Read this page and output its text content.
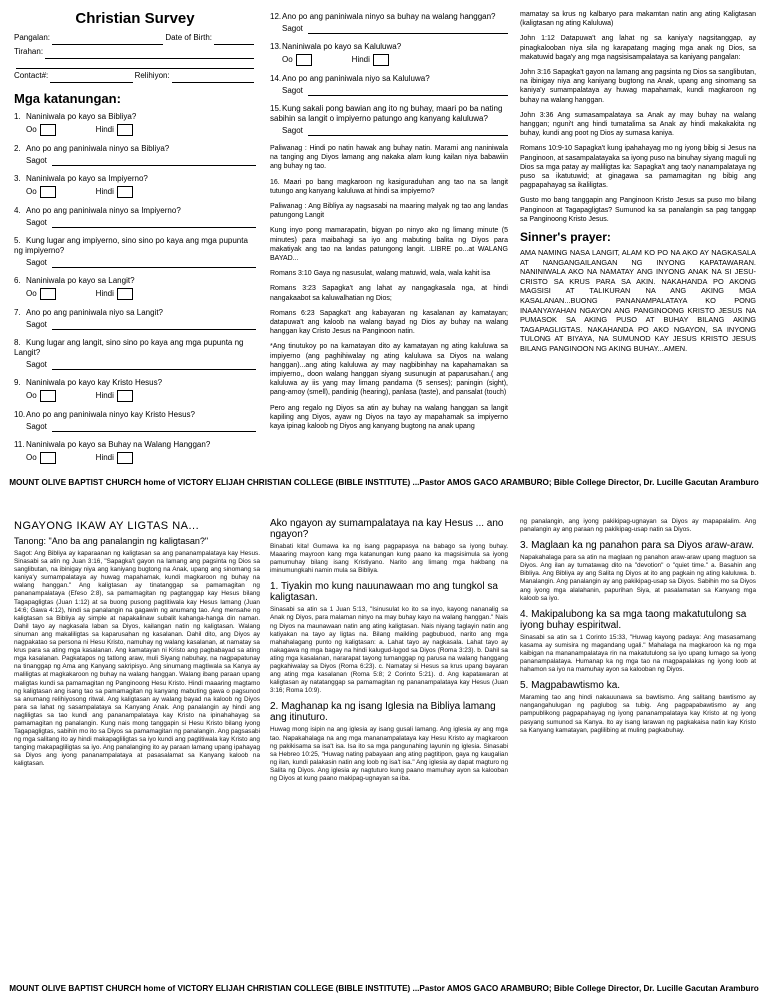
Christian Survey
Pangalan:	Date of Birth:
Tirahan:
Contact#:	Relihiyon:
Mga katanungan:
1. Naniniwala po kayo sa Bibliya?
Oo	Hindi
2. Ano po ang paniniwala ninyo sa Bibliya?
Sagot
3. Naniniwala po kayo sa Impiyerno?
Oo	Hindi
4. Ano po ang paniniwala ninyo sa Impiyerno?
Sagot
5. Kung lugar ang impiyerno, sino sino po kaya ang mga pupunta ng impiyerno?
Sagot
6. Naniniwala po kayo sa Langit?
Oo	Hindi
7. Ano po ang paniniwala niyo sa Langit?
Sagot
8. Kung lugar ang langit, sino sino po kaya ang mga pupunta ng Langit?
Sagot
9. Naniniwala po kayo kay Kristo Hesus?
Oo	Hindi
10.Ano po ang paniniwala ninyo kay Kristo Hesus?
Sagot
11.Naniniwala po kayo sa Buhay na Walang Hanggan?
Oo	Hindi
12.Ano po ang paniniwala ninyo sa buhay na walang hanggan?
Sagot
13.Naniniwala po kayo sa Kaluluwa?
Oo	Hindi
14.Ano po ang paniniwala niyo sa Kaluluwa?
Sagot
15.Kung sakali pong bawian ang ito ng buhay, maari po ba nating sabihin sa langit o impiyerno patungo ang kanyang kaluluwa?
Sagot

Paliwanag : Hindi po natin hawak ang buhay natin. Marami ang naniniwala na tanging ang Diyos lamang ang nakaka alam kung kailan niya babawiin ang buhay ng tao.

16. Maari po bang magkaroon ng kasiguraduhan ang tao na sa langit tutungo ang kanyang kaluluwa at hindi sa impiyerno?

Paliwanag : Ang Bibliya ay nagsasabi na maaring malyak ng tao ang landas patungong Langit

Kung inyo pong mamarapatin, bigyan po ninyo ako ng limang minute (5 minutes) para maibahagi sa iyo ang mabuting balita ng Diyos para makatiyak ang tao na landas patungong langit. .LIBRE po...at WALANG BAYAD...

Romans 3:10 Gaya ng nasusulat, walang matuwid, wala, wala kahit isa

Romans 3:23 Sapagka't ang lahat ay nangagkasala nga, at hindi nangakaabot sa kaluwalhatian ng Dios;

Romans 6:23 Sapagka't ang kabayaran ng kasalanan ay kamatayan; datapuwa't ang kaloob na walang bayad ng Dios ay buhay na walang hanggan kay Cristo Jesus na Panginoon natin.

*Ang tinutukoy po na kamatayan dito ay kamatayan ng ating kaluluwa sa impiyerno (ang paghihiwalay ng ating kaluluwa sa Diyos na walang hanggan)...ang ating kaluluwa ay may nagbibinhay na kapahamakan sa impiyerno,, doon walang hanggan siyang susunugin at paparusahan.( ang kaluluwa ay iis yang may limang pandama (5 senses); paningin (sight), pang-amoy (smell), pandinig (hearing), panlasa (taste), and pansalat (touch)

Pero ang regalo ng Diyos sa atin ay buhay na walang hanggan sa langit kapiling ang Diyos, ayaw ng Diyos na tayo ay mapahamak sa impiyerno kaya ipinag kaloob ng Diyos ang kanyang bugtong na anak upang

mamatay sa krus ng kalbaryo para makamtan natin ang ating Kaligtasan (kaligtasan ng ating Kaluluwa)

John 1:12 Datapuwa't ang lahat ng sa kaniya'y nagsitanggap, ay pinagkalooban niya sila ng karapatang maging mga anak ng Dios, sa makatuwid baga'y ang mga nagsisisampalataya sa kaniyang pangalan:

John 3:16 Sapagka't gayon na lamang ang pagsinta ng Dios sa sanglibutan, na ibinigay niya ang kaniyang bugtong na Anak, upang ang sinomang sa kaniya'y sumampalataya ay huwag mapahamak, kundi magkaroon ng buhay na walang hanggan.

John 3:36 Ang sumasampalataya sa Anak ay may buhay na walang hanggan; nguni't ang hindi tumatalima sa Anak ay hindi makakakita ng buhay, kundi ang poot ng Dios ay sumasa kaniya.

Romans 10:9-10 Sapagka't kung ipahahayag mo ng iyong bibig si Jesus na Panginoon, at sasampalatayaka sa iyong puso na binuhay siyang maguli ng Dios sa mga patay ay maliligtas ka: Sapagka't ang tao'y nanampalataya ng puso sa ikatutuwid; at ginagawa sa pamamagitan ng bibig ang pagpapahayag sa ikaliligtas.

Gusto mo bang tanggapin ang Panginoon Kristo Jesus sa puso mo bilang Panginoon at Tagapagligtas? Sumunod ka sa panalangin sa pag tanggap sa Panginoong Kristo Jesus.

Sinner's prayer:
AMA NAMING NASA LANGIT, ALAM KO PO NA AKO AY NAGKASALA AT NANGANGAILANGAN NG INYONG KAPATAWARAN. NANINIWALA AKO NA NAMATAY ANG INYONG ANAK NA SI JESU-CRISTO SA KRUS PARA SA AKIN. NAKAHANDA PO AKONG MAGSISI AT TALIKURAN NA ANG AKING MGA KASALANAN...BUONG PANANAMPALATAYA KO PONG INAANYAYAHAN NGAYON ANG PANGINOONG KRISTO JESUS NA PUMASOK SA AKING PUSO AT BUHAY BILANG AKING TAGAPAGLIGTAS. NAKAHANDA PO AKO NGAYON, SA INYONG TULONG AT BIYAYA, NA SUMUNOD KAY JESUS KRISTO JESUS BILANG PANGINOON NG AKING BUHAY...AMEN.
MOUNT OLIVE BAPTIST CHURCH home of VICTORY ELIJAH CHRISTIAN COLLEGE (BIBLE INSTITUTE) ...Pastor AMOS GACO ARAMBURO; Bible College Director, Dr. Lucille Gacutan Aramburo
NGAYONG IKAW AY LIGTAS NA...
Tanong: "Ano ba ang panalangin ng kaligtasan?"
Sagot: Ang Bibliya ay kaparaanan ng kaligtasan sa ang pananampalataya kay Hesus. Sinasabi sa atin ng Juan 3:16, "Sapagka't gayon na lamang ang pagsinta ng Dios sa sanglibutan, na ibinigay niya ang kaniyang bugtong na Anak, upang ang sinomang sa kaniya'y sumampalataya ay huwag mapahamak, kundi magkaroon ng buhay na walang hanggan." Ang kaligtasan ay tinatanggap sa pamamagitan ng pananampalataya (Efeso 2:8), sa pamamagitan ng pagtanggap kay Hesus bilang Tagapagligtas (Juan 1:12) at sa buong pusong pagtitiwala kay Hesus lamang (Juan 14:6; Gawa 4:12), hindi sa panalangin na gagawin ng anumang tao. Ang mensahe ng kaligtasan sa Bibliya ay simple at napakalinaw subalit kahanga-hanga din naman. Dahil tayo ay nagkasala laban sa Diyos, kailangan natin ng kaligtasan. Walang sinuman ang makaliligtas sa kaparusahan ng kasalanan. Dahil dito, ang Diyos ay nagpakatao sa persona ni Hesu Kristo, namuhay ng walang kasalanan, at namatay sa krus para sa ating mga kasalanan. Ang kamatayan ni Kristo ang pagbabayad sa ating mga kasalanan. Pagkatapos ng tatlong araw, muli Siyang nabuhay, na nagpapatunay na tinanggap ng Ama ang Kanyang sakripisyo. Ang sinumang magtiwala sa Kanya ay maliligtas at magkakaroon ng buhay na walang hanggan. Walang ibang paraan upang maligtas kundi sa pamamagitan ng Panginoong Hesu Kristo. Hindi maaaring magtamo ng kaligtasan ang isang tao sa pamamagitan ng kanyang mabuting gawa o pagsunod sa anumang relihiyosong ritwal. Ang kaligtasan ay walang bayad na kaloob ng Diyos para sa lahat ng sasampalataya sa Kanyang Anak. Ang panalangin ay hindi ang nagliligtas sa tao kundi ang pananampalataya kay Kristo na ipinahahayag sa pamamagitan ng panalangin. Kung nais mong tanggapin si Hesu Kristo bilang iyong Tagapagligtas, sabihin mo ito sa Diyos sa pamamagitan ng panalangin. Ang pagsasabi ng mga salitang ito ay hindi makapagliligtas sa iyo kundi ang pagtitiwala kay Kristo ang tanging makapagliligtas sa iyo. Ang panalanging ito ay paraan lamang upang ipahayag sa Diyos ang iyong pananampalataya at pasasalamat sa Kanyang kaloob na kaligtasan.
Ako ngayon ay sumampalataya na kay Hesus ... ano ngayon?
Binabati kita! Gumawa ka ng isang pagpapasya na babago sa iyong buhay. Maaaring mayroon kang mga katanungan kung paano ka magsisimula sa iyong pamumuhay bilang isang Kristiyano. Narito ang limang mga hakbang na iminumungkahi namin mula sa Bibliya.
1. Tiyakin mo kung nauunawaan mo ang tungkol sa kaligtasan.
Sinasabi sa atin sa 1 Juan 5:13, "Isinusulat ko ito sa inyo, kayong nananalig sa Anak ng Diyos, para malaman ninyo na may buhay kayo na walang hanggan." Nais ng Diyos na maunawaan natin ang ating kaligtasan. Nais niyang taglayin natin ang katiyakan na tayo ay ligtas na. Bilang maikling pagbubuod, narito ang mga mahahalagang punto ng kaligtasan: a. Lahat tayo ay nagkasala. Lahat tayo ay nakagawa ng mga bagay na hindi kalugud-lugod sa Diyos (Roma 3:23). b. Dahil sa ating mga kasalanan, nararapat tayong tumanggap ng parusa na walang hanggang pagkahiwalay sa Diyos (Roma 6:23). c. Namatay si Hesus sa krus upang bayaran ang ating mga kasalanan (Roma 5:8; 2 Corinto 5:21). d. Ang kapatawaran at kaligtasan ay natatanggap sa pamamagitan ng pananampalataya kay Hesus (Juan 3:16; Roma 10:9).
2. Maghanap ka ng isang Iglesia na Bibliya lamang ang itinuturo.
Huwag mong isipin na ang iglesia ay isang gusali lamang. Ang iglesia ay ang mga tao. Napakahalaga na ang mga mananampalataya kay Hesu Kristo ay magkaroon ng pakikisama sa isa't isa. Isa ito sa mga pangunahing layunin ng iglesia. Sinasabi sa Hebreo 10:25, "Huwag nating pabayaan ang ating pagtitipon, gaya ng kaugalian ng ilan, kundi palakasin natin ang loob ng isa't isa." Ang iglesia ay dapat magturo ng Salita ng Diyos. Ang iglesia ay nagtuturo kung paano mamuhay ayon sa kalooban ng Diyos at kung paano makipag-ugnayan sa iba.
ng panalangin, ang iyong pakikipag-ugnayan sa Diyos ay mapapalalim. Ang panalangin ay ang paraan ng pakikipag-usap natin sa Diyos.
3. Maglaan ka ng panahon para sa Diyos araw-araw.
Napakahalaga para sa atin na maglaan ng panahon araw-araw upang magtuon sa Diyos. Ang ilan ay tumatawag dito na "devotion" o "quiet time." a. Basahin ang Bibliya. Ang Bibliya ay ang Salita ng Diyos at ito ang pagkain ng ating kaluluwa. b. Manalangin. Ang panalangin ay ang pakikipag-usap sa Diyos. Sabihin mo sa Diyos ang iyong mga alalahanin, papurihan Siya, at pasalamatan sa Kanyang mga kaloob sa iyo.
4. Makipalubong ka sa mga taong makatutulong sa iyong buhay espiritwal.
Sinasabi sa atin sa 1 Corinto 15:33, "Huwag kayong padaya: Ang masasamang kasama ay sumisira ng magandang ugali." Mahalaga na magkaroon ka ng mga kaibigan na mananampalataya rin na makatutulong sa iyo upang lumago sa iyong pananampalataya. Humanap ka ng mga tao na magpapalakas ng iyong loob at hahamon sa iyo na mamuhay ayon sa kalooban ng Diyos.
5. Magpabawtismo ka.
Maraming tao ang hindi nakauunawa sa bawtismo. Ang salitang bawtismo ay nangangahulugan ng paglubog sa tubig. Ang pagpapabawtismo ay ang pampublikong pagpapahayag ng iyong pananampalataya kay Kristo at ng iyong pasyang sumunod sa Kanya. Ito ay isang larawan ng pagkakaisa natin kay Kristo sa Kanyang kamatayan, paglilibing at muling pagkabuhay.
MOUNT OLIVE BAPTIST CHURCH home of VICTORY ELIJAH CHRISTIAN COLLEGE (BIBLE INSTITUTE) ...Pastor AMOS GACO ARAMBURO; Bible College Director, Dr. Lucille Gacutan Aramburo
